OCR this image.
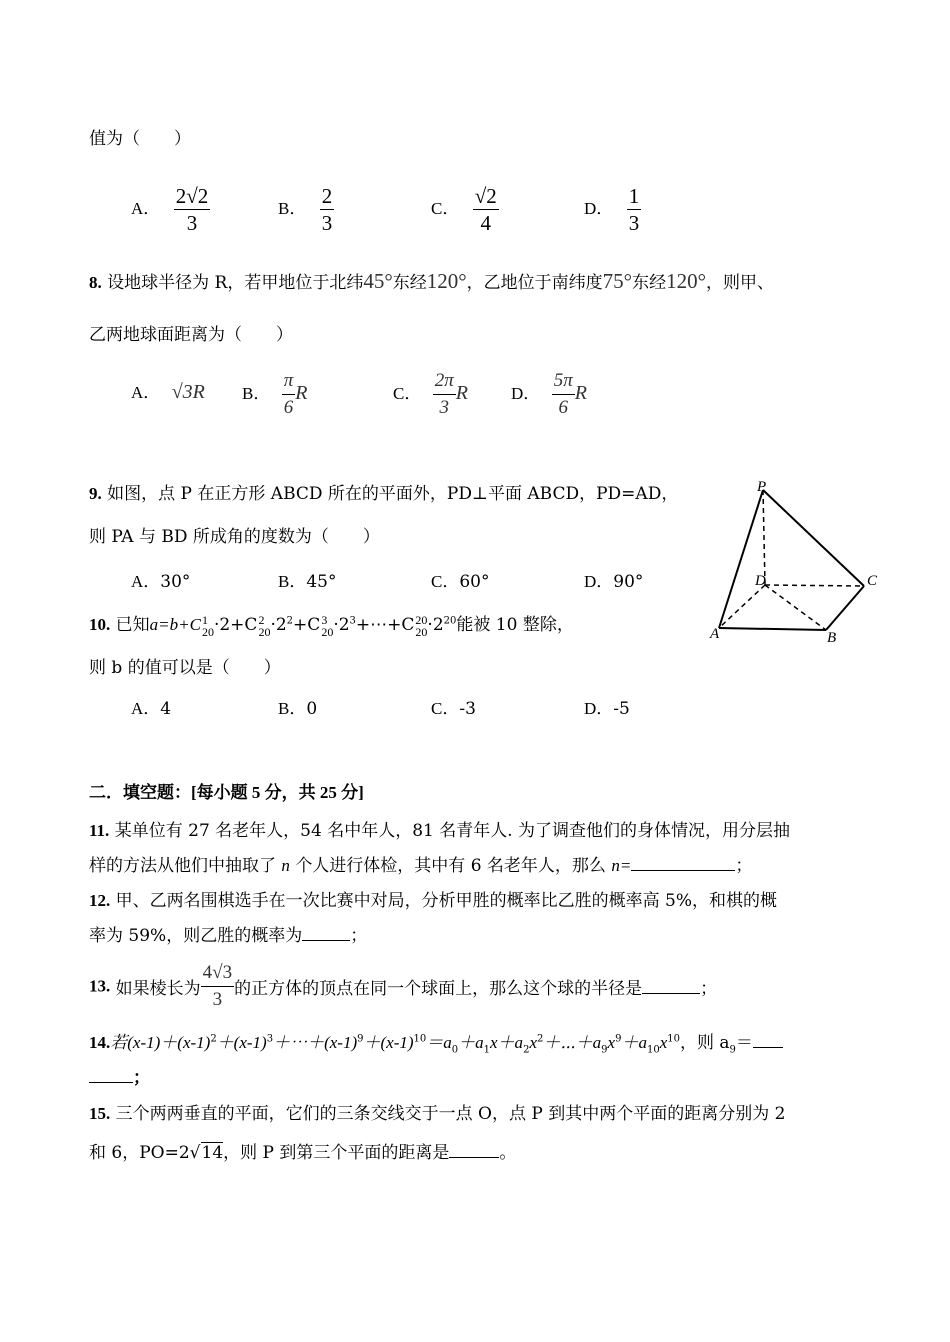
值为（　　）
A． $\frac{2√2}{3}$	B． $\frac{2}{3}$	C． $\frac{√2}{4}$	D． $\frac{1}{3}$
8. 设地球半径为 R，若甲地位于北纬45°东经120°，乙地位于南纬度75°东经120°，则甲、
乙两地球面距离为（　　）
A． √3R B． $\frac{\pi}{6}$ R	C． $\frac{2\pi}{3}$ R	D． $\frac{5\pi}{6}$ R
9. 如图，点 P 在正方形 ABCD 所在的平面外，PD⊥平面 ABCD，PD=AD，
则 PA 与 BD 所成角的度数为（　　）
A．30°	B．45°	C．60°	D．90°
P
D	C
A	B
10. 已知a=b+C 1
20 ·2+C 2
$20 \cdot 2^2+C$ 3
$20 \cdot 2^3+\cdots+C$ 20
$20 \cdot 2^{20}$能被 10 整除，
则 b 的值可以是（　　）
A．4	B．0	C．-3	D．-5
二．填空题：[每小题 5 分，共 25 分]
11. 某单位有 27 名老年人，54 名中年人，81 名青年人. 为了调查他们的身体情况，用分层抽
样的方法从他们中抽取了 n 个人进行体检，其中有 6 名老年人，那么 n=	；
12. 甲、乙两名围棋选手在一次比赛中对局，分析甲胜的概率比乙胜的概率高 5%，和棋的概
率为 59%，则乙胜的概率为	；
13. 如果棱长为 $\frac{4√3}{3}$ 的正方体的顶点在同一个球面上，那么这个球的半径是	；
14.若$(x-1)+(x-1)^2+(x-1)^3+\cdots+(x-1)^9+(x-1)^{10}=a_0+a_1x+a_2x^2+\cdots+a_9x^9+a_{10}x^{10}$，则 $a_9=$
；
15. 三个两两垂直的平面，它们的三条交线交于一点 O，点 P 到其中两个平面的距离分别为 2
和 6，PO=2√14，则 P 到第三个平面的距离是	。
